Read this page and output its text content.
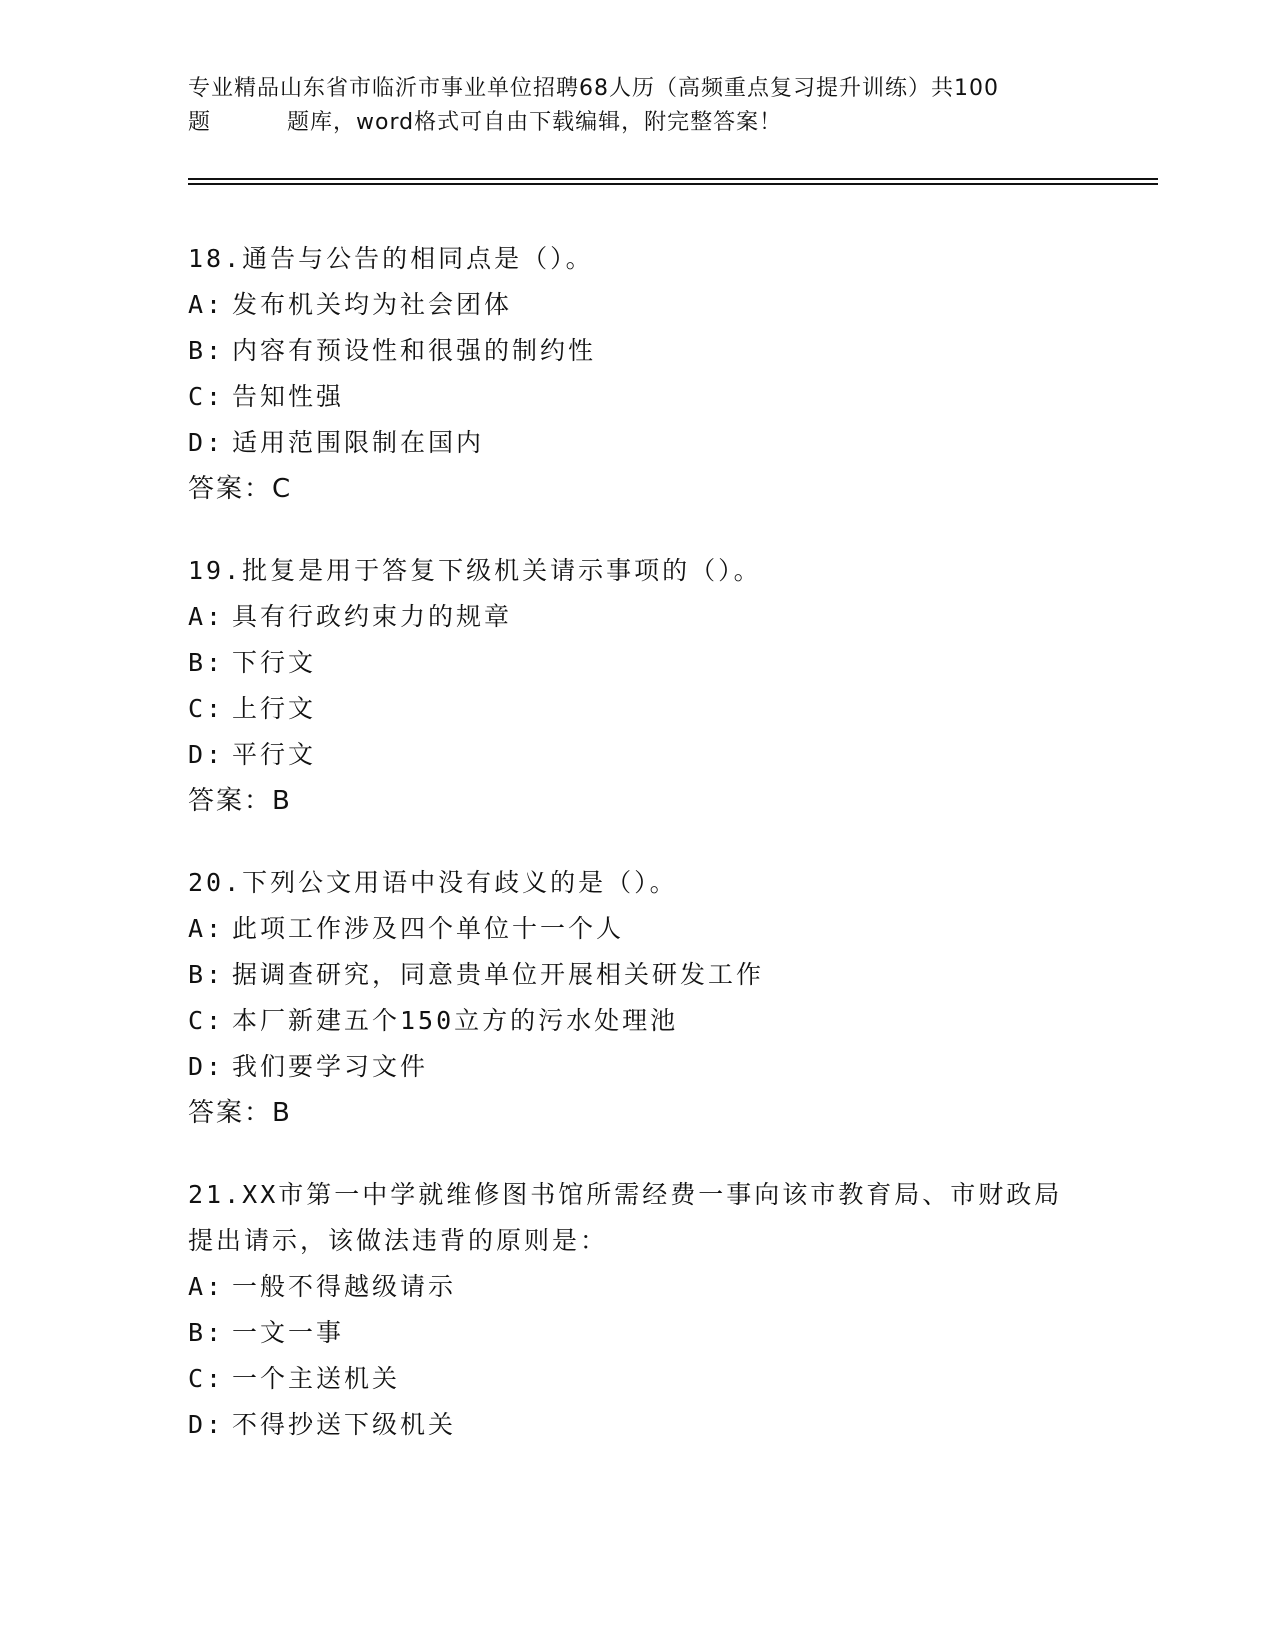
专业精品山东省市临沂市事业单位招聘68人历（高频重点复习提升训练）共100
题	题库，word格式可自由下载编辑，附完整答案！
18.通告与公告的相同点是（）。
A: 发布机关均为社会团体
B: 内容有预设性和很强的制约性
C: 告知性强
D: 适用范围限制在国内
答案：C
19.批复是用于答复下级机关请示事项的（）。
A: 具有行政约束力的规章
B: 下行文
C: 上行文
D: 平行文
答案：B
20.下列公文用语中没有歧义的是（）。
A: 此项工作涉及四个单位十一个人
B: 据调查研究，同意贵单位开展相关研发工作
C: 本厂新建五个150立方的污水处理池
D: 我们要学习文件
答案：B
21.XX市第一中学就维修图书馆所需经费一事向该市教育局、市财政局
提出请示，该做法违背的原则是：
A: 一般不得越级请示
B: 一文一事
C: 一个主送机关
D: 不得抄送下级机关
